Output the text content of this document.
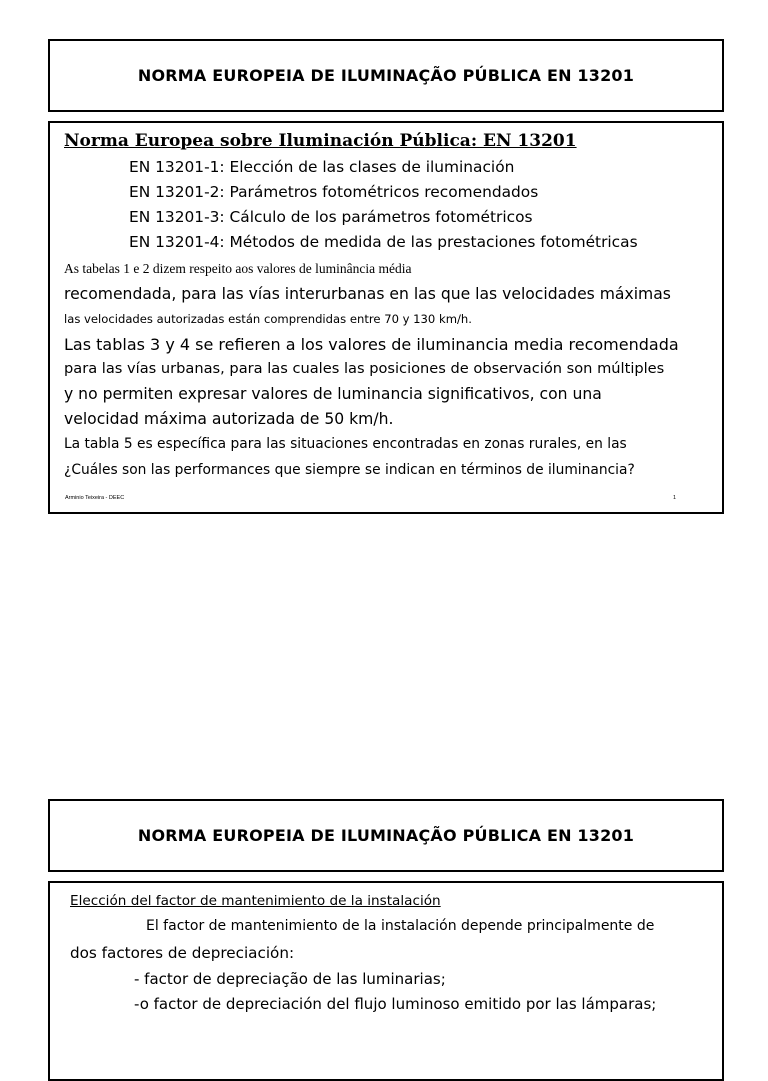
NORMA EUROPEIA DE ILUMINAÇÃO PÚBLICA EN 13201
Norma Europea sobre Iluminación Pública: EN 13201
EN 13201-1: Elección de las clases de iluminación
EN 13201-2: Parámetros fotométricos recomendados
EN 13201-3: Cálculo de los parámetros fotométricos
EN 13201-4: Métodos de medida de las prestaciones fotométricas
As tabelas 1 e 2 dizem respeito aos valores de luminância média
recomendada, para las vías interurbanas en las que las velocidades máximas
las velocidades autorizadas están comprendidas entre 70 y 130 km/h.
Las tablas 3 y 4 se refieren a los valores de iluminancia media recomendada
para las vías urbanas, para las cuales las posiciones de observación son múltiples
y no permiten expresar valores de luminancia significativos, con una
velocidad máxima autorizada de 50 km/h.
La tabla 5 es específica para las situaciones encontradas en zonas rurales, en las
¿Cuáles son las performances que siempre se indican en términos de iluminancia?
Arminio Teixeira - DEEC	1
NORMA EUROPEIA DE ILUMINAÇÃO PÚBLICA EN 13201
Elección del factor de mantenimiento de la instalación
El factor de mantenimiento de la instalación depende principalmente de
dos factores de depreciación:
- factor de depreciação de las luminarias;
-o factor de depreciación del flujo luminoso emitido por las lámparas;
